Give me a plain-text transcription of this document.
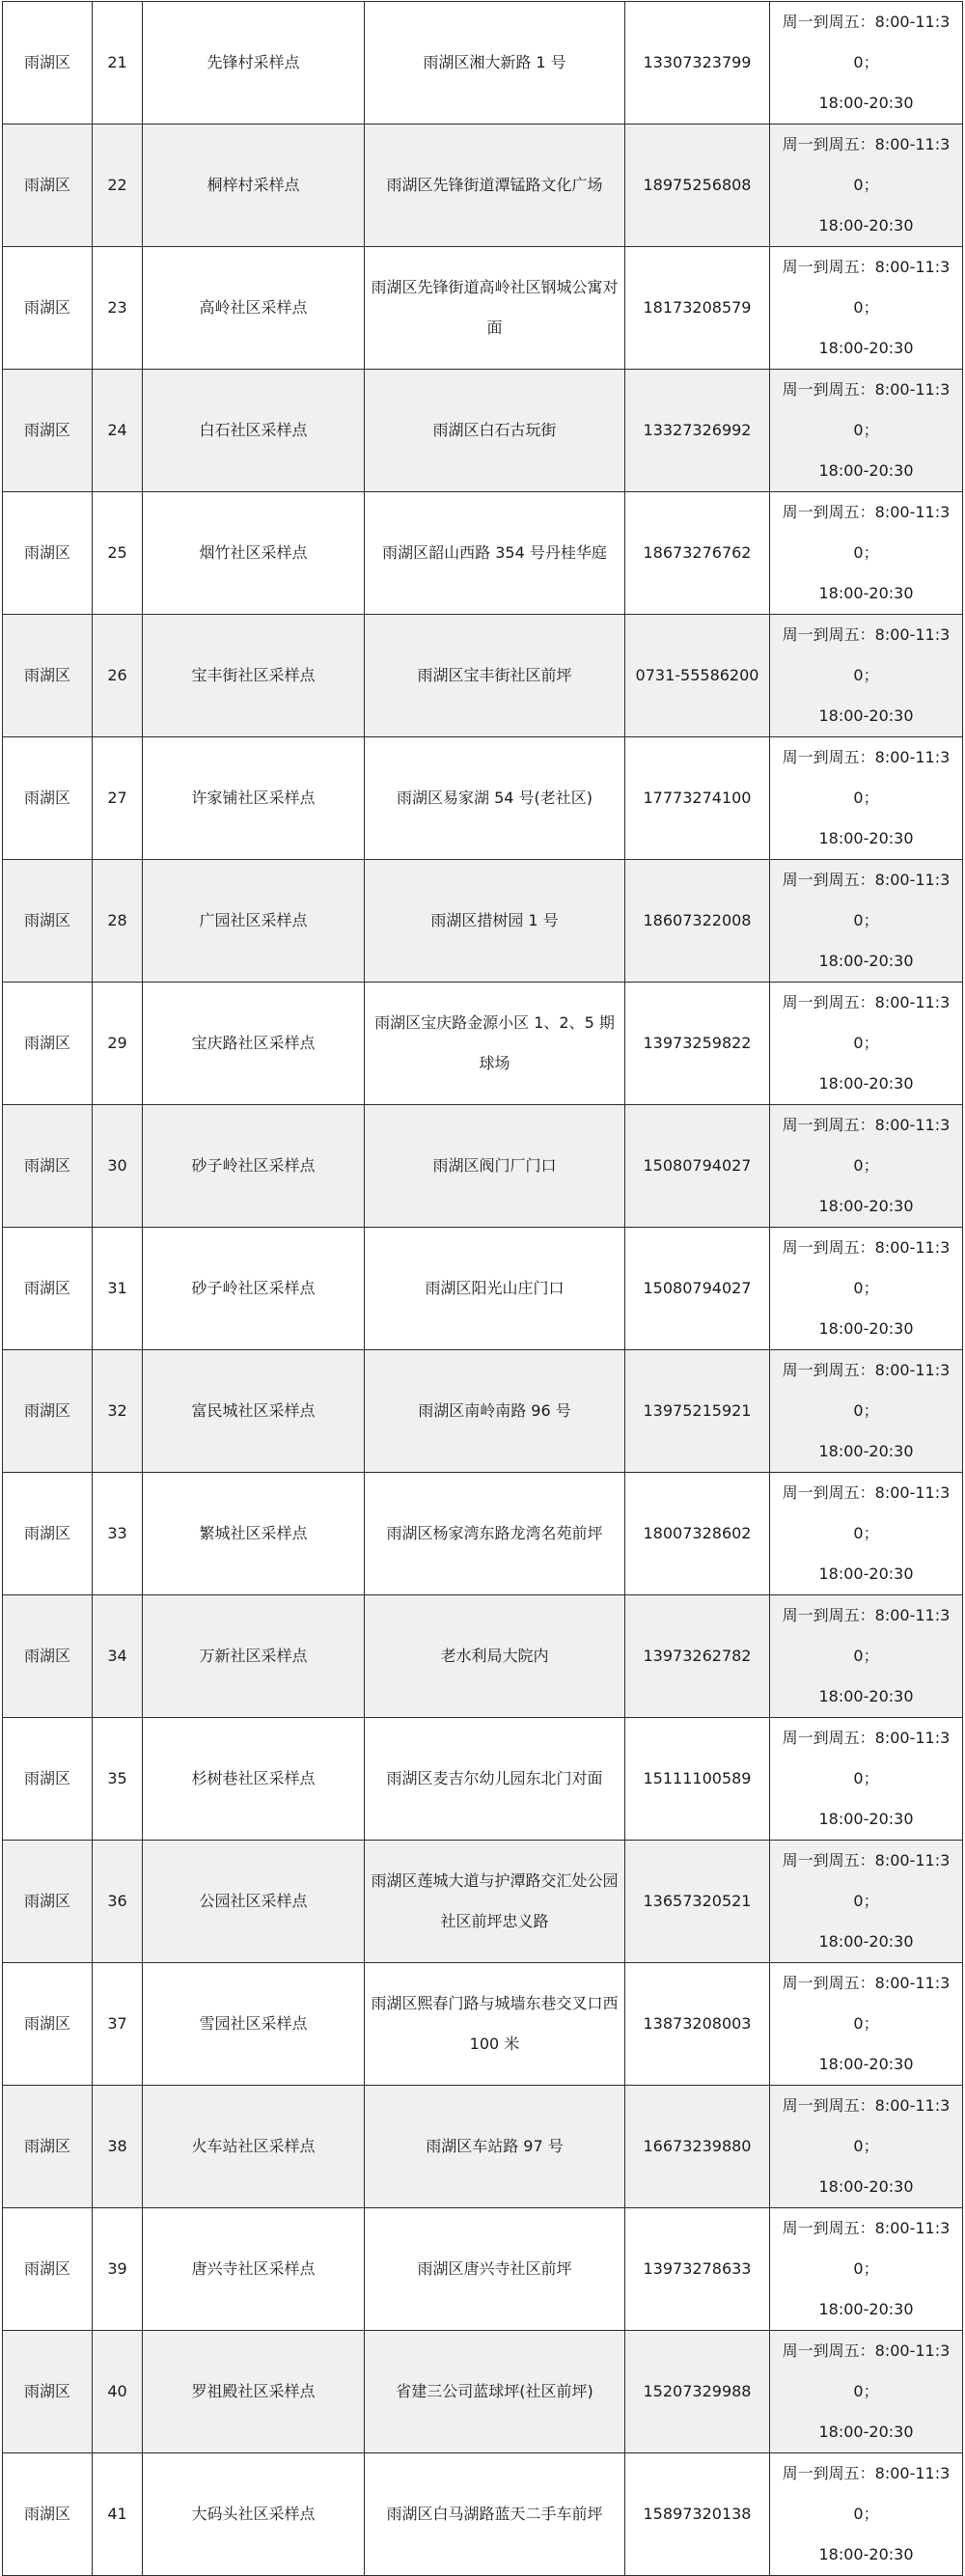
雨湖区	21	先锋村采样点	雨湖区湘大新路 1 号	13307323799	周一到周五：8:00-11:30；
18:00-20:30

雨湖区	22	桐梓村采样点	雨湖区先锋街道潭锰路文化广场	18975256808	周一到周五：8:00-11:30；
18:00-20:30

雨湖区	23	高岭社区采样点	雨湖区先锋街道高岭社区钢城公寓对面	18173208579	周一到周五：8:00-11:30；
18:00-20:30

雨湖区	24	白石社区采样点	雨湖区白石古玩街	13327326992	周一到周五：8:00-11:30；
18:00-20:30

雨湖区	25	烟竹社区采样点	雨湖区韶山西路 354 号丹桂华庭	18673276762	周一到周五：8:00-11:30；
18:00-20:30

雨湖区	26	宝丰街社区采样点	雨湖区宝丰街社区前坪	0731-55586200	周一到周五：8:00-11:30；
18:00-20:30

雨湖区	27	许家铺社区采样点	雨湖区易家湖 54 号(老社区)	17773274100	周一到周五：8:00-11:30；
18:00-20:30

雨湖区	28	广园社区采样点	雨湖区措树园 1 号	18607322008	周一到周五：8:00-11:30；
18:00-20:30

雨湖区	29	宝庆路社区采样点	雨湖区宝庆路金源小区 1、2、5 期球场	13973259822	周一到周五：8:00-11:30；
18:00-20:30

雨湖区	30	砂子岭社区采样点	雨湖区阀门厂门口	15080794027	周一到周五：8:00-11:30；
18:00-20:30

雨湖区	31	砂子岭社区采样点	雨湖区阳光山庄门口	15080794027	周一到周五：8:00-11:30；
18:00-20:30

雨湖区	32	富民城社区采样点	雨湖区南岭南路 96 号	13975215921	周一到周五：8:00-11:30；
18:00-20:30

雨湖区	33	繁城社区采样点	雨湖区杨家湾东路龙湾名苑前坪	18007328602	周一到周五：8:00-11:30；
18:00-20:30

雨湖区	34	万新社区采样点	老水利局大院内	13973262782	周一到周五：8:00-11:30；
18:00-20:30

雨湖区	35	杉树巷社区采样点	雨湖区麦吉尔幼儿园东北门对面	15111100589	周一到周五：8:00-11:30；
18:00-20:30

雨湖区	36	公园社区采样点	雨湖区莲城大道与护潭路交汇处公园社区前坪忠义路	13657320521	周一到周五：8:00-11:30；
18:00-20:30

雨湖区	37	雪园社区采样点	雨湖区熙春门路与城墙东巷交叉口西 100 米	13873208003	周一到周五：8:00-11:30；
18:00-20:30

雨湖区	38	火车站社区采样点	雨湖区车站路 97 号	16673239880	周一到周五：8:00-11:30；
18:00-20:30

雨湖区	39	唐兴寺社区采样点	雨湖区唐兴寺社区前坪	13973278633	周一到周五：8:00-11:30；
18:00-20:30

雨湖区	40	罗祖殿社区采样点	省建三公司蓝球坪(社区前坪)	15207329988	周一到周五：8:00-11:30；
18:00-20:30

雨湖区	41	大码头社区采样点	雨湖区白马湖路蓝天二手车前坪	15897320138	周一到周五：8:00-11:30；
18:00-20:30
